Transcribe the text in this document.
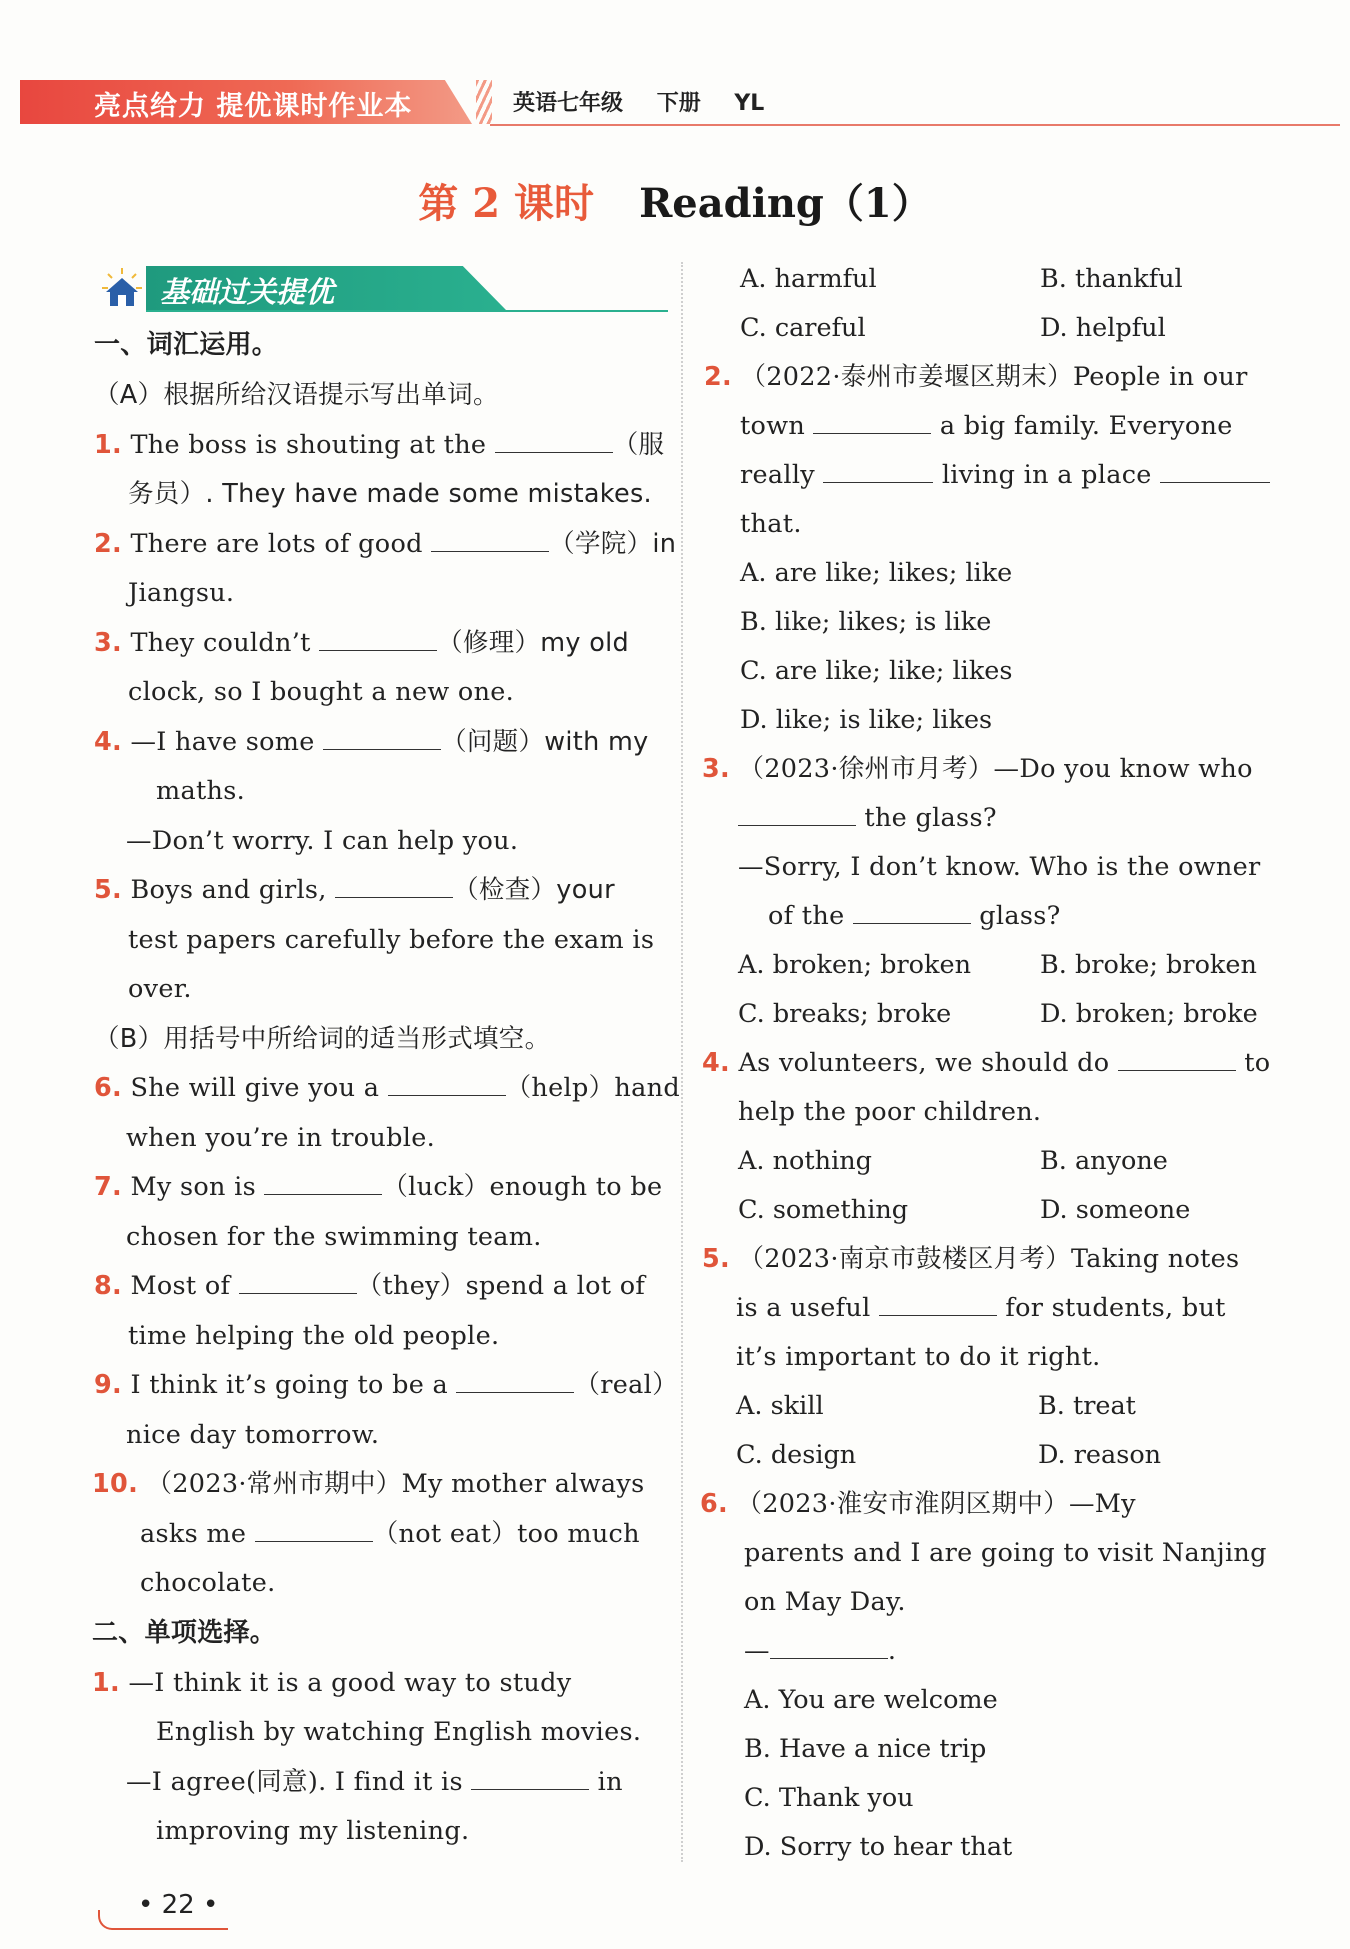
亮点给力 提优课时作业本	英语七年级 下册 YL
第 2 课时 Reading（1）
基础过关提优
一、词汇运用。
（A）根据所给汉语提示写出单词。
1. The boss is shouting at the	（服
务员）. They have made some mistakes.
2. There are lots of good	（学院）in
Jiangsu.
3. They couldn’t	（修理）my old
clock, so I bought a new one.
4. —I have some	（问题）with my
maths.
—Don’t worry. I can help you.
5. Boys and girls,	（检查）your
test papers carefully before the exam is
over.
（B）用括号中所给词的适当形式填空。
6. She will give you a	（help）hand
when you’re in trouble.
7. My son is	（luck）enough to be
chosen for the swimming team.
8. Most of	（they）spend a lot of
time helping the old people.
9. I think it’s going to be a	（real）
nice day tomorrow.
10. （2023·常州市期中）My mother always
asks me	（not eat）too much
chocolate.
二、单项选择。
1. —I think it is a good way to study
English by watching English movies.
—I agree(同意). I find it is	in
improving my listening.
A. harmful	B. thankful
C. careful	D. helpful
2. （2022·泰州市姜堰区期末）People in our
town	a big family. Everyone
really	living in a place
that.
A. are like; likes; like
B. like; likes; is like
C. are like; like; likes
D. like; is like; likes
3. （2023·徐州市月考）—Do you know who
the glass?
—Sorry, I don’t know. Who is the owner
of the	glass?
A. broken; broken	B. broke; broken
C. breaks; broke	D. broken; broke
4. As volunteers, we should do	to
help the poor children.
A. nothing	B. anyone
C. something	D. someone
5. （2023·南京市鼓楼区月考）Taking notes
is a useful	for students, but
it’s important to do it right.
A. skill	B. treat
C. design	D. reason
6. （2023·淮安市淮阴区期中）—My
parents and I are going to visit Nanjing
on May Day.
—	.
A. You are welcome
B. Have a nice trip
C. Thank you
D. Sorry to hear that
• 22 •
